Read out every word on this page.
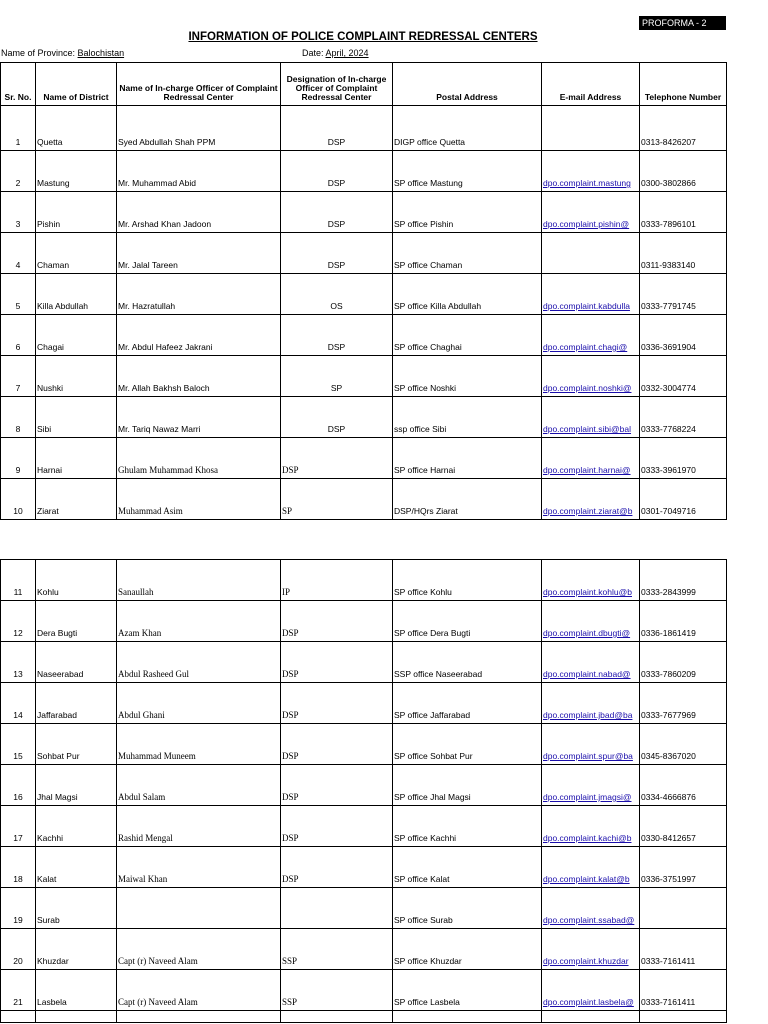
PROFORMA - 2
INFORMATION OF POLICE COMPLAINT REDRESSAL CENTERS
Name of Province: Balochistan	Date: April, 2024
Sr. No.	Name of District	Name of In-charge Officer of Complaint Redressal Center	Designation of In-charge Officer of Complaint Redressal Center	Postal Address	E-mail Address	Telephone Number
1	Quetta	Syed Abdullah Shah PPM	DSP	DIGP office Quetta		0313-8426207
2	Mastung	Mr. Muhammad Abid	DSP	SP office Mastung	dpo.complaint.mastung	0300-3802866
3	Pishin	Mr. Arshad Khan Jadoon	DSP	SP office Pishin	dpo.complaint.pishin@	0333-7896101
4	Chaman	Mr. Jalal Tareen	DSP	SP office Chaman		0311-9383140
5	Killa Abdullah	Mr. Hazratullah	OS	SP office Killa Abdullah	dpo.complaint.kabdulla	0333-7791745
6	Chagai	Mr. Abdul Hafeez Jakrani	DSP	SP office Chaghai	dpo.complaint.chagi@	0336-3691904
7	Nushki	Mr. Allah Bakhsh Baloch	SP	SP office Noshki	dpo.complaint.noshki@	0332-3004774
8	Sibi	Mr. Tariq Nawaz Marri	DSP	ssp office Sibi	dpo.complaint.sibi@bal	0333-7768224
9	Harnai	Ghulam Muhammad Khosa	DSP	SP office Harnai	dpo.complaint.harnai@	0333-3961970
10	Ziarat	Muhammad Asim	SP	DSP/HQrs Ziarat	dpo.complaint.ziarat@b	0301-7049716
11	Kohlu	Sanaullah	IP	SP office Kohlu	dpo.complaint.kohlu@b	0333-2843999
12	Dera Bugti	Azam Khan	DSP	SP office Dera Bugti	dpo.complaint.dbugti@	0336-1861419
13	Naseerabad	Abdul Rasheed Gul	DSP	SSP office Naseerabad	dpo.complaint.nabad@	0333-7860209
14	Jaffarabad	Abdul Ghani	DSP	SP office Jaffarabad	dpo.complaint.jbad@ba	0333-7677969
15	Sohbat Pur	Muhammad Muneem	DSP	SP office Sohbat Pur	dpo.complaint.spur@ba	0345-8367020
16	Jhal Magsi	Abdul Salam	DSP	SP office Jhal Magsi	dpo.complaint.jmagsi@	0334-4666876
17	Kachhi	Rashid Mengal	DSP	SP office Kachhi	dpo.complaint.kachi@b	0330-8412657
18	Kalat	Maiwal Khan	DSP	SP office Kalat	dpo.complaint.kalat@b	0336-3751997
19	Surab			SP office Surab	dpo.complaint.ssabad@	
20	Khuzdar	Capt (r) Naveed Alam	SSP	SP office Khuzdar	dpo.complaint.khuzdar	0333-7161411
21	Lasbela	Capt (r) Naveed Alam	SSP	SP office Lasbela	dpo.complaint.lasbela@	0333-7161411
